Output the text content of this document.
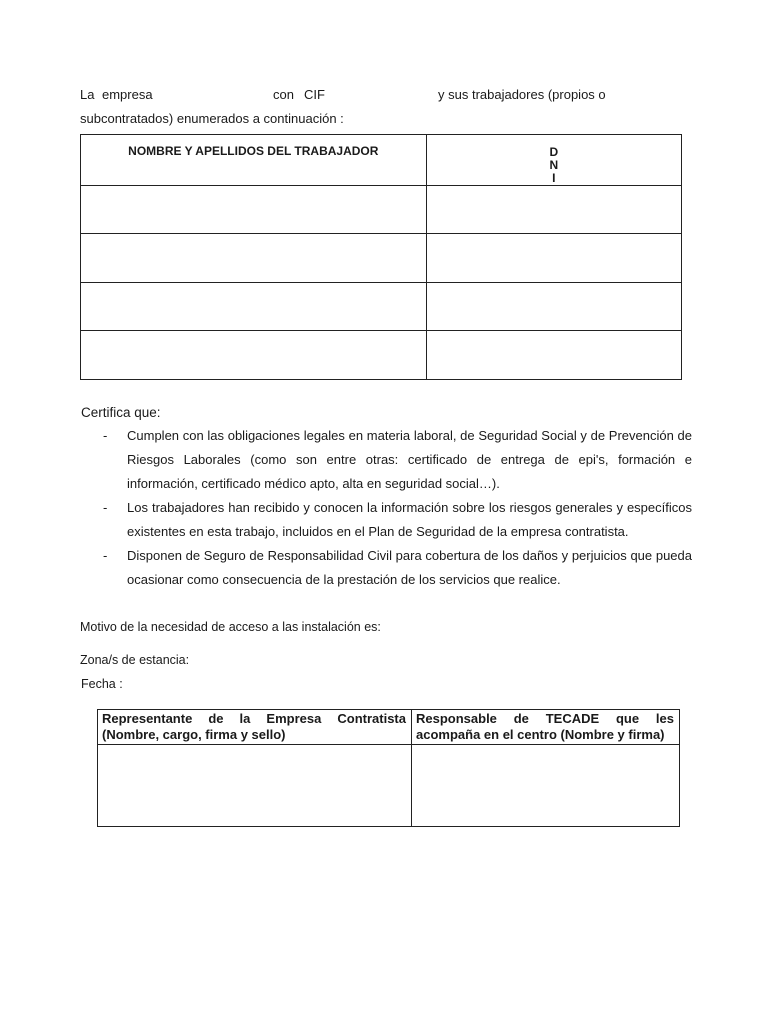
La empresa	con CIF	y sus trabajadores (propios o
subcontratados) enumerados a continuación :
NOMBRE Y APELLIDOS DEL TRABAJADOR	D
N
I

Certifica que:
- Cumplen con las obligaciones legales en materia laboral, de Seguridad Social y de Prevención de Riesgos Laborales (como son entre otras: certificado de entrega de epi's, formación e información, certificado médico apto, alta en seguridad social…).
- Los trabajadores han recibido y conocen la información sobre los riesgos generales y específicos existentes en esta trabajo, incluidos en el Plan de Seguridad de la empresa contratista.
- Disponen de Seguro de Responsabilidad Civil para cobertura de los daños y perjuicios que pueda ocasionar como consecuencia de la prestación de los servicios que realice.
Motivo de la necesidad de acceso a las instalación es:
Zona/s de estancia:
Fecha :
Representante de la Empresa Contratista (Nombre, cargo, firma y sello)	Responsable de TECADE que les acompaña en el centro (Nombre y firma)
